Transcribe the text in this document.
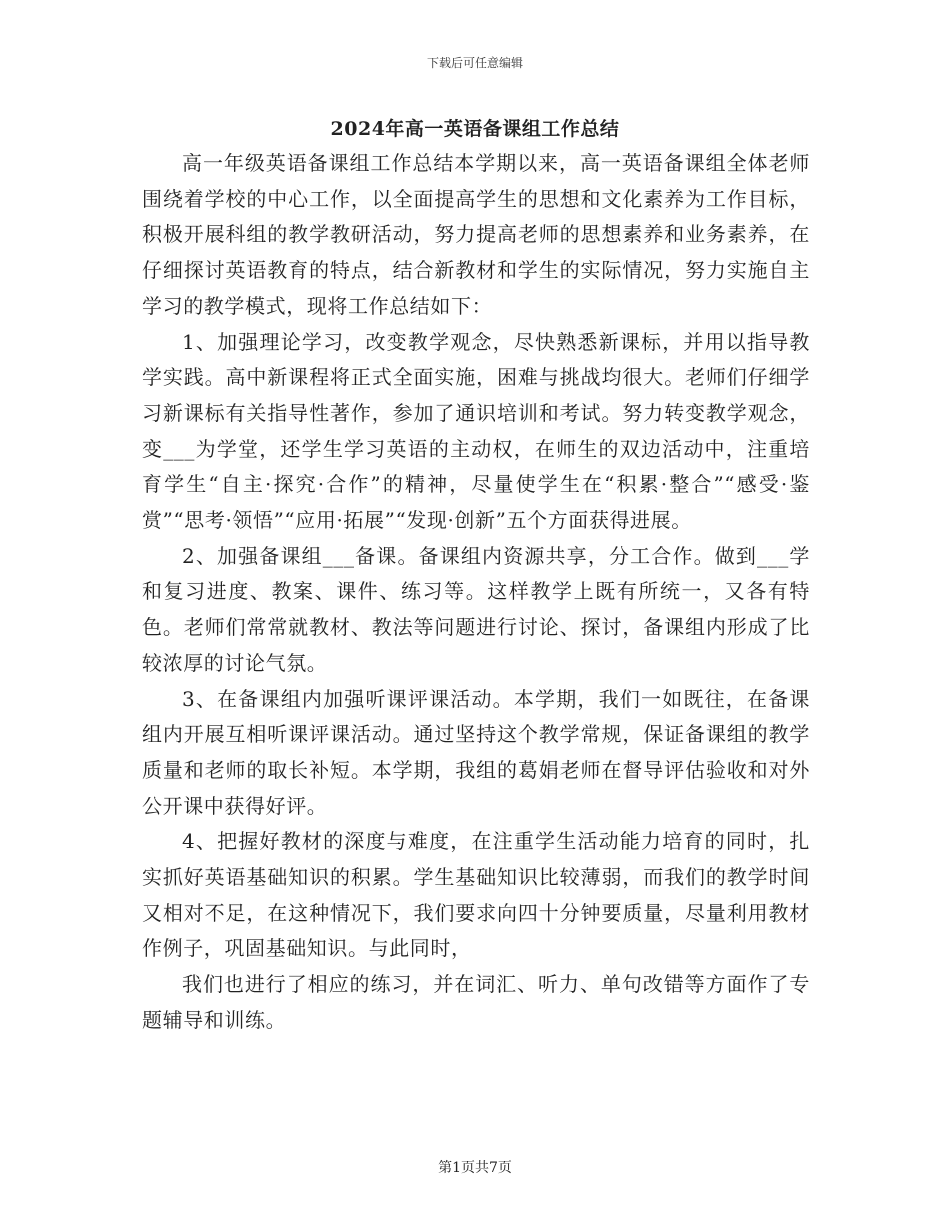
下载后可任意编辑
2024年高一英语备课组工作总结

高一年级英语备课组工作总结本学期以来，高一英语备课组全体老师围绕着学校的中心工作，以全面提高学生的思想和文化素养为工作目标，积极开展科组的教学教研活动，努力提高老师的思想素养和业务素养，在仔细探讨英语教育的特点，结合新教材和学生的实际情况，努力实施自主学习的教学模式，现将工作总结如下：

1、加强理论学习，改变教学观念，尽快熟悉新课标，并用以指导教学实践。高中新课程将正式全面实施，困难与挑战均很大。老师们仔细学习新课标有关指导性著作，参加了通识培训和考试。努力转变教学观念，变___为学堂，还学生学习英语的主动权，在师生的双边活动中，注重培育学生“自主·探究·合作”的精神，尽量使学生在“积累·整合”“感受·鉴赏”“思考·领悟”“应用·拓展”“发现·创新”五个方面获得进展。

2、加强备课组___备课。备课组内资源共享，分工合作。做到___学和复习进度、教案、课件、练习等。这样教学上既有所统一，又各有特色。老师们常常就教材、教法等问题进行讨论、探讨，备课组内形成了比较浓厚的讨论气氛。

3、在备课组内加强听课评课活动。本学期，我们一如既往，在备课组内开展互相听课评课活动。通过坚持这个教学常规，保证备课组的教学质量和老师的取长补短。本学期，我组的葛娟老师在督导评估验收和对外公开课中获得好评。

4、把握好教材的深度与难度，在注重学生活动能力培育的同时，扎实抓好英语基础知识的积累。学生基础知识比较薄弱，而我们的教学时间又相对不足，在这种情况下，我们要求向四十分钟要质量，尽量利用教材作例子，巩固基础知识。与此同时，

我们也进行了相应的练习，并在词汇、听力、单句改错等方面作了专题辅导和训练。

第1页共7页
